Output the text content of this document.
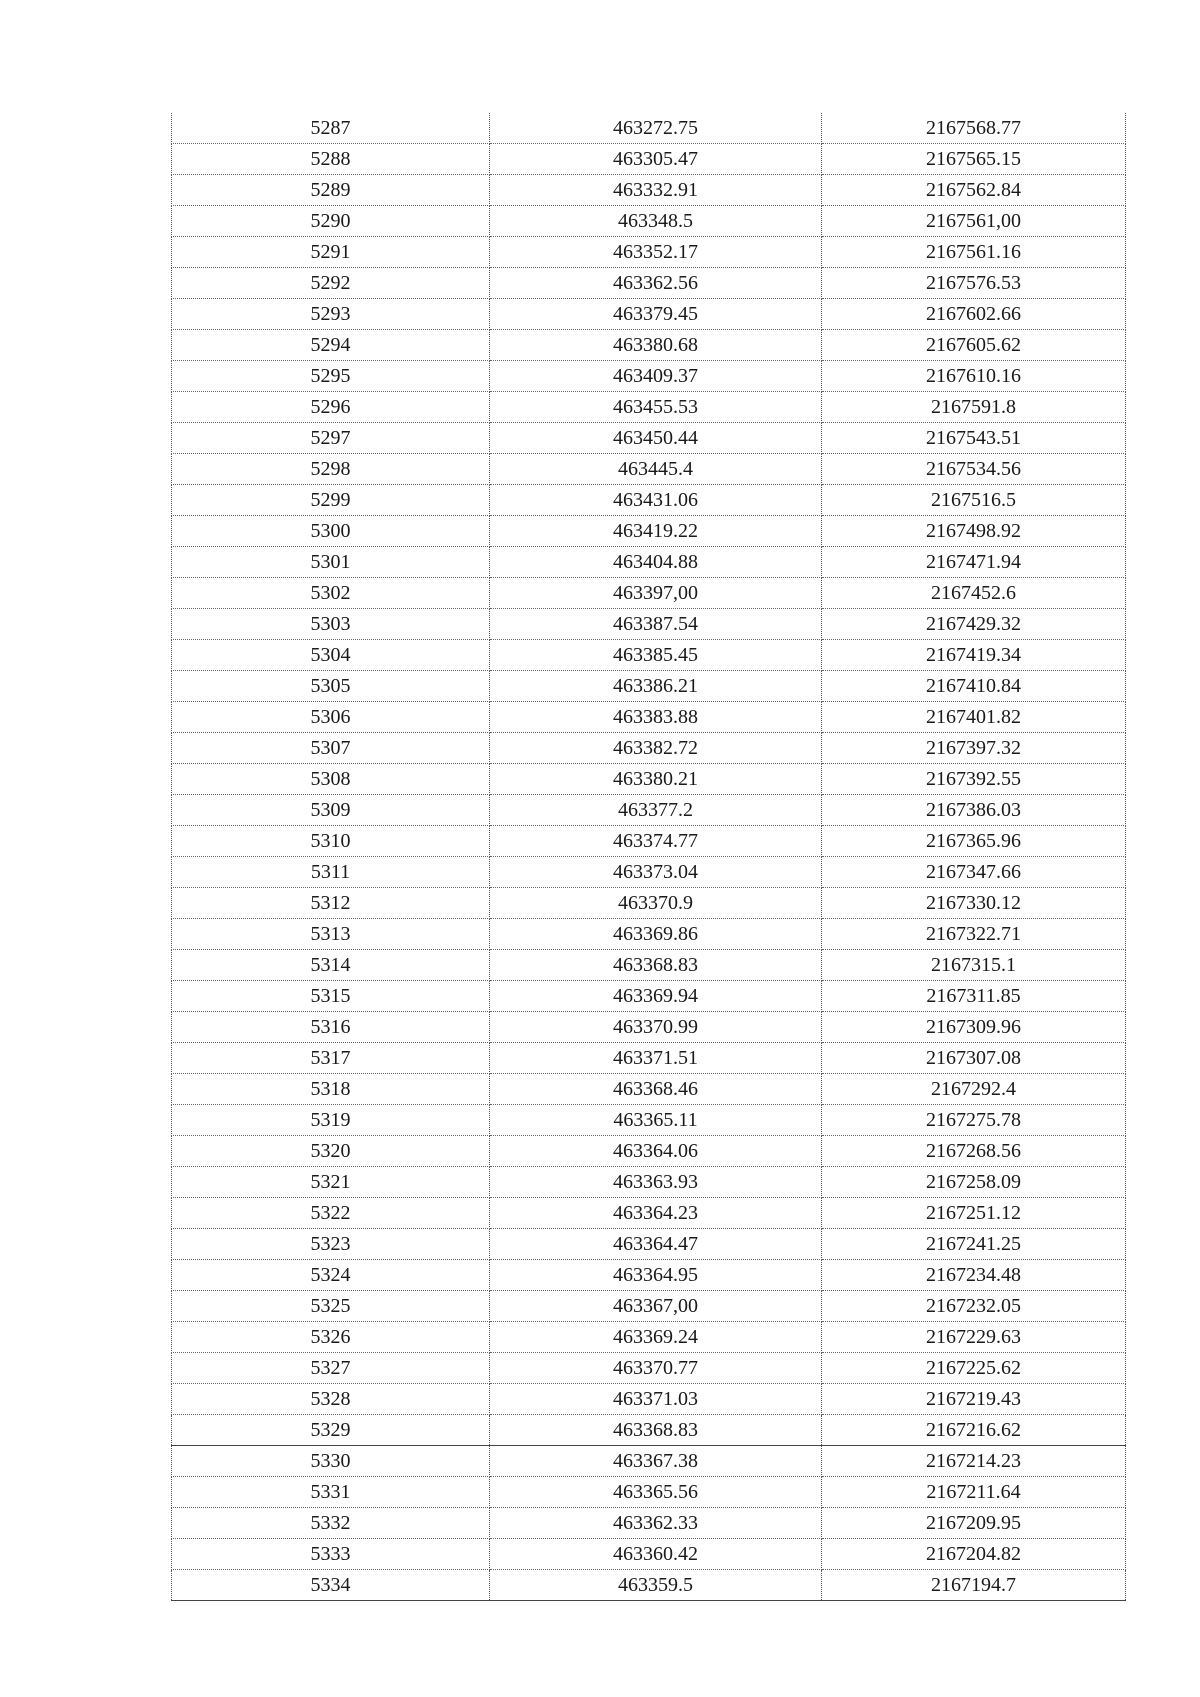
5287	463272.75	2167568.77
5288	463305.47	2167565.15
5289	463332.91	2167562.84
5290	463348.5	2167561,00
5291	463352.17	2167561.16
5292	463362.56	2167576.53
5293	463379.45	2167602.66
5294	463380.68	2167605.62
5295	463409.37	2167610.16
5296	463455.53	2167591.8
5297	463450.44	2167543.51
5298	463445.4	2167534.56
5299	463431.06	2167516.5
5300	463419.22	2167498.92
5301	463404.88	2167471.94
5302	463397,00	2167452.6
5303	463387.54	2167429.32
5304	463385.45	2167419.34
5305	463386.21	2167410.84
5306	463383.88	2167401.82
5307	463382.72	2167397.32
5308	463380.21	2167392.55
5309	463377.2	2167386.03
5310	463374.77	2167365.96
5311	463373.04	2167347.66
5312	463370.9	2167330.12
5313	463369.86	2167322.71
5314	463368.83	2167315.1
5315	463369.94	2167311.85
5316	463370.99	2167309.96
5317	463371.51	2167307.08
5318	463368.46	2167292.4
5319	463365.11	2167275.78
5320	463364.06	2167268.56
5321	463363.93	2167258.09
5322	463364.23	2167251.12
5323	463364.47	2167241.25
5324	463364.95	2167234.48
5325	463367,00	2167232.05
5326	463369.24	2167229.63
5327	463370.77	2167225.62
5328	463371.03	2167219.43
5329	463368.83	2167216.62
5330	463367.38	2167214.23
5331	463365.56	2167211.64
5332	463362.33	2167209.95
5333	463360.42	2167204.82
5334	463359.5	2167194.7
